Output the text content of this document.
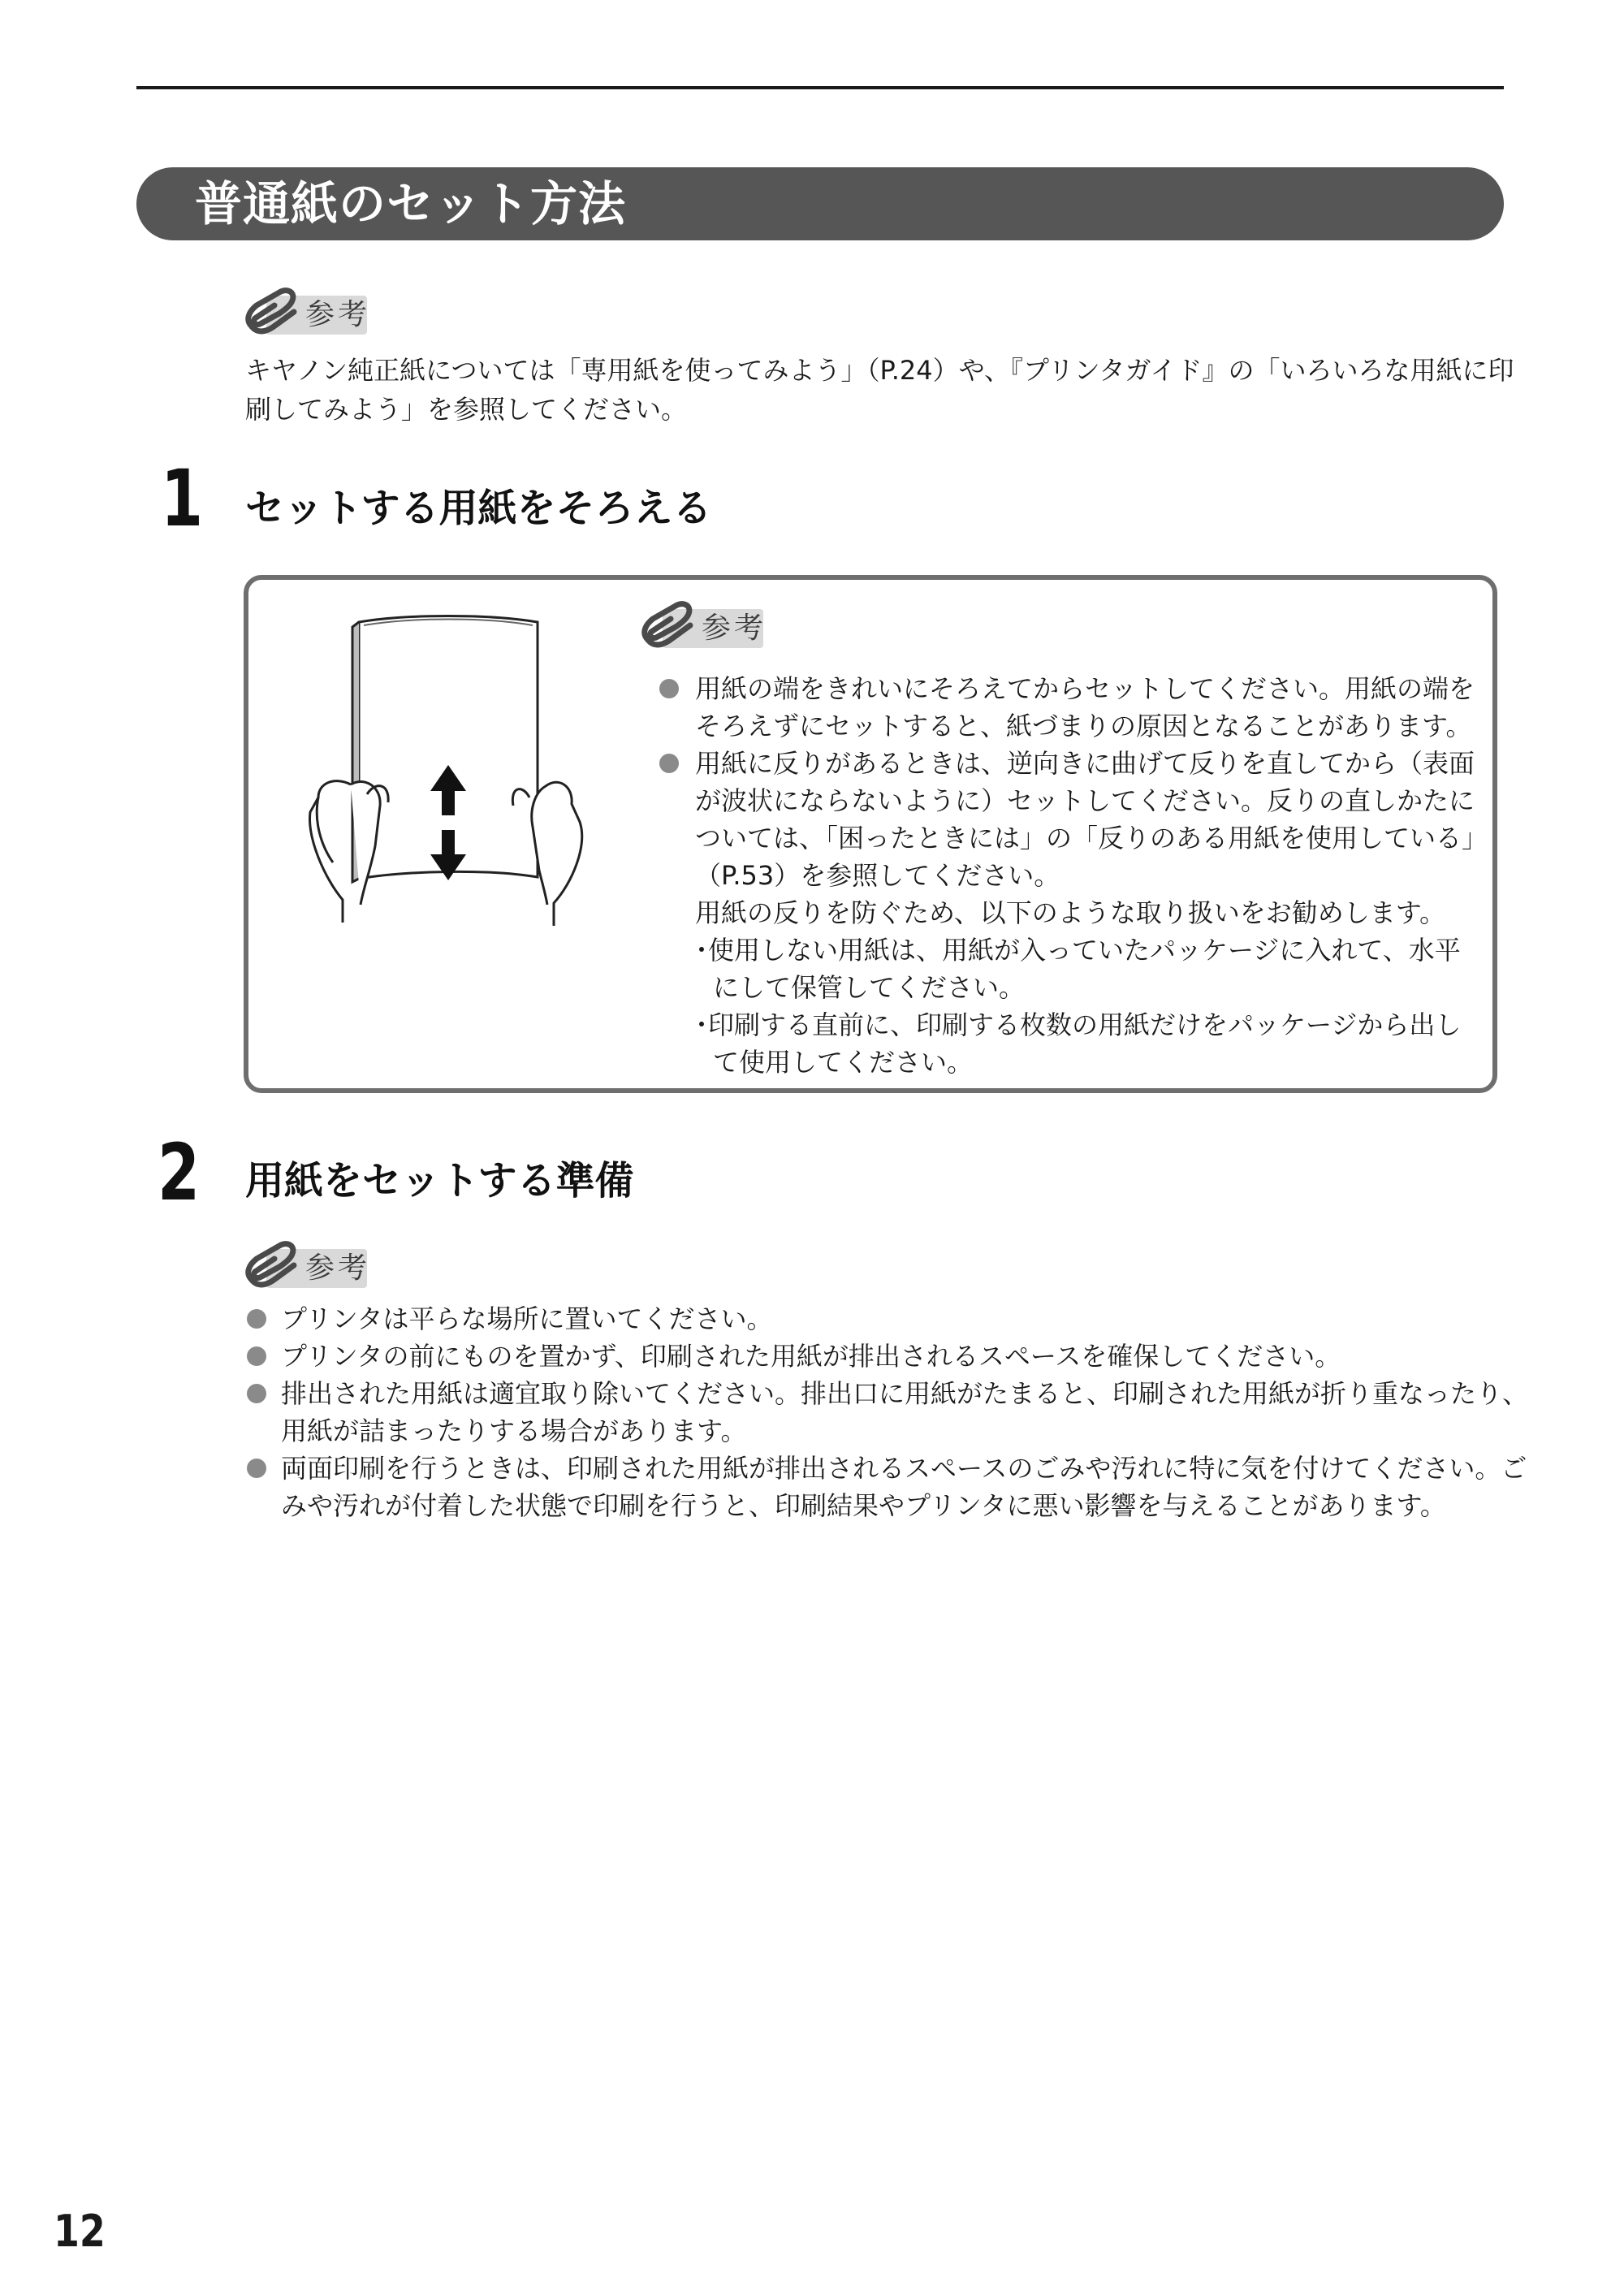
普通紙のセット方法
参考
キヤノン純正紙については「専用紙を使ってみよう」（P.24）や、『プリンタガイド』の「いろいろな用紙に印
刷してみよう」を参照してください。
1 セットする用紙をそろえる
参考
用紙の端をきれいにそろえてからセットしてください。用紙の端を
そろえずにセットすると、紙づまりの原因となることがあります。
用紙に反りがあるときは、逆向きに曲げて反りを直してから（表面
が波状にならないように）セットしてください。反りの直しかたに
ついては、「困ったときには」の「反りのある用紙を使用している」
（P.53）を参照してください。
用紙の反りを防ぐため、以下のような取り扱いをお勧めします。
･使用しない用紙は、用紙が入っていたパッケージに入れて、水平
にして保管してください。
･印刷する直前に、印刷する枚数の用紙だけをパッケージから出し
て使用してください。
2 用紙をセットする準備
参考
プリンタは平らな場所に置いてください。
プリンタの前にものを置かず、印刷された用紙が排出されるスペースを確保してください。
排出された用紙は適宜取り除いてください。排出口に用紙がたまると、印刷された用紙が折り重なったり、
用紙が詰まったりする場合があります。
両面印刷を行うときは、印刷された用紙が排出されるスペースのごみや汚れに特に気を付けてください。ご
みや汚れが付着した状態で印刷を行うと、印刷結果やプリンタに悪い影響を与えることがあります。
12
